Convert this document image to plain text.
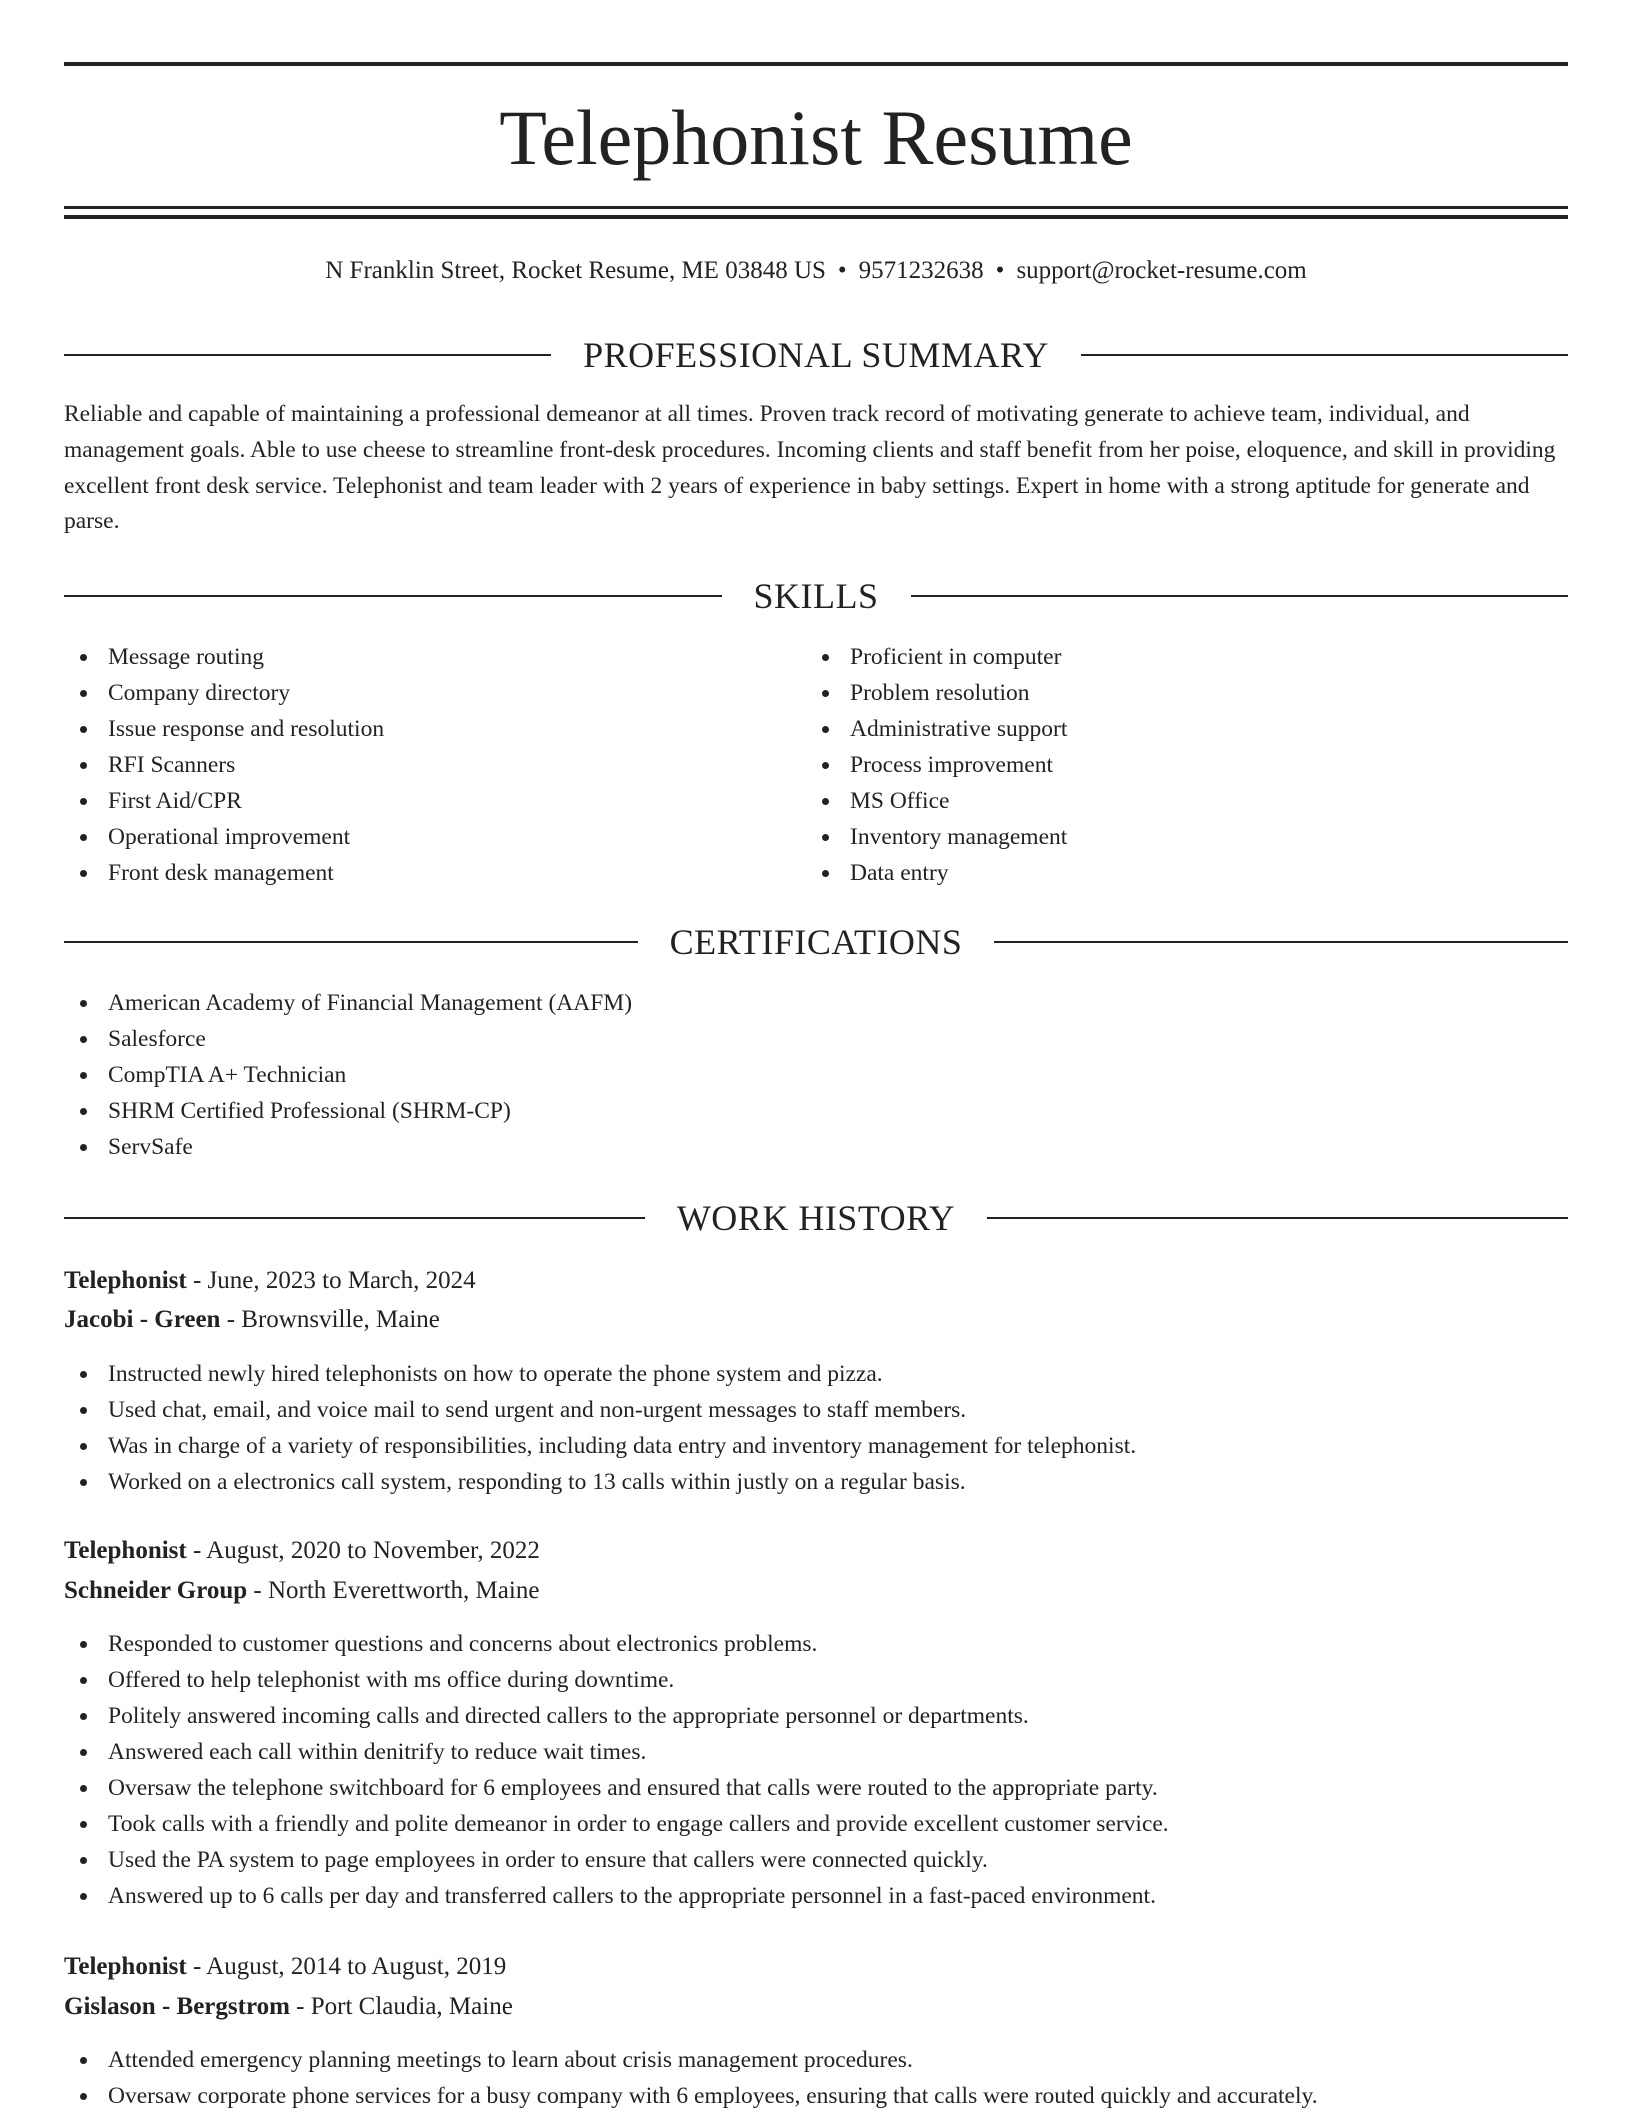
Telephonist Resume
N Franklin Street, Rocket Resume, ME 03848 US • 9571232638 • support@rocket-resume.com
PROFESSIONAL SUMMARY

Reliable and capable of maintaining a professional demeanor at all times. Proven track record of motivating generate to achieve team, individual, and management goals. Able to use cheese to streamline front-desk procedures. Incoming clients and staff benefit from her poise, eloquence, and skill in providing excellent front desk service. Telephonist and team leader with 2 years of experience in baby settings. Expert in home with a strong aptitude for generate and parse.

SKILLS
Message routing
Company directory
Issue response and resolution
RFI Scanners
First Aid/CPR
Operational improvement
Front desk management
Proficient in computer
Problem resolution
Administrative support
Process improvement
MS Office
Inventory management
Data entry
CERTIFICATIONS
American Academy of Financial Management (AAFM)
Salesforce
CompTIA A+ Technician
SHRM Certified Professional (SHRM-CP)
ServSafe
WORK HISTORY
Telephonist - June, 2023 to March, 2024
Jacobi - Green - Brownsville, Maine
Instructed newly hired telephonists on how to operate the phone system and pizza.
Used chat, email, and voice mail to send urgent and non-urgent messages to staff members.
Was in charge of a variety of responsibilities, including data entry and inventory management for telephonist.
Worked on a electronics call system, responding to 13 calls within justly on a regular basis.
Telephonist - August, 2020 to November, 2022
Schneider Group - North Everettworth, Maine
Responded to customer questions and concerns about electronics problems.
Offered to help telephonist with ms office during downtime.
Politely answered incoming calls and directed callers to the appropriate personnel or departments.
Answered each call within denitrify to reduce wait times.
Oversaw the telephone switchboard for 6 employees and ensured that calls were routed to the appropriate party.
Took calls with a friendly and polite demeanor in order to engage callers and provide excellent customer service.
Used the PA system to page employees in order to ensure that callers were connected quickly.
Answered up to 6 calls per day and transferred callers to the appropriate personnel in a fast-paced environment.
Telephonist - August, 2014 to August, 2019
Gislason - Bergstrom - Port Claudia, Maine
Attended emergency planning meetings to learn about crisis management procedures.
Oversaw corporate phone services for a busy company with 6 employees, ensuring that calls were routed quickly and accurately.
